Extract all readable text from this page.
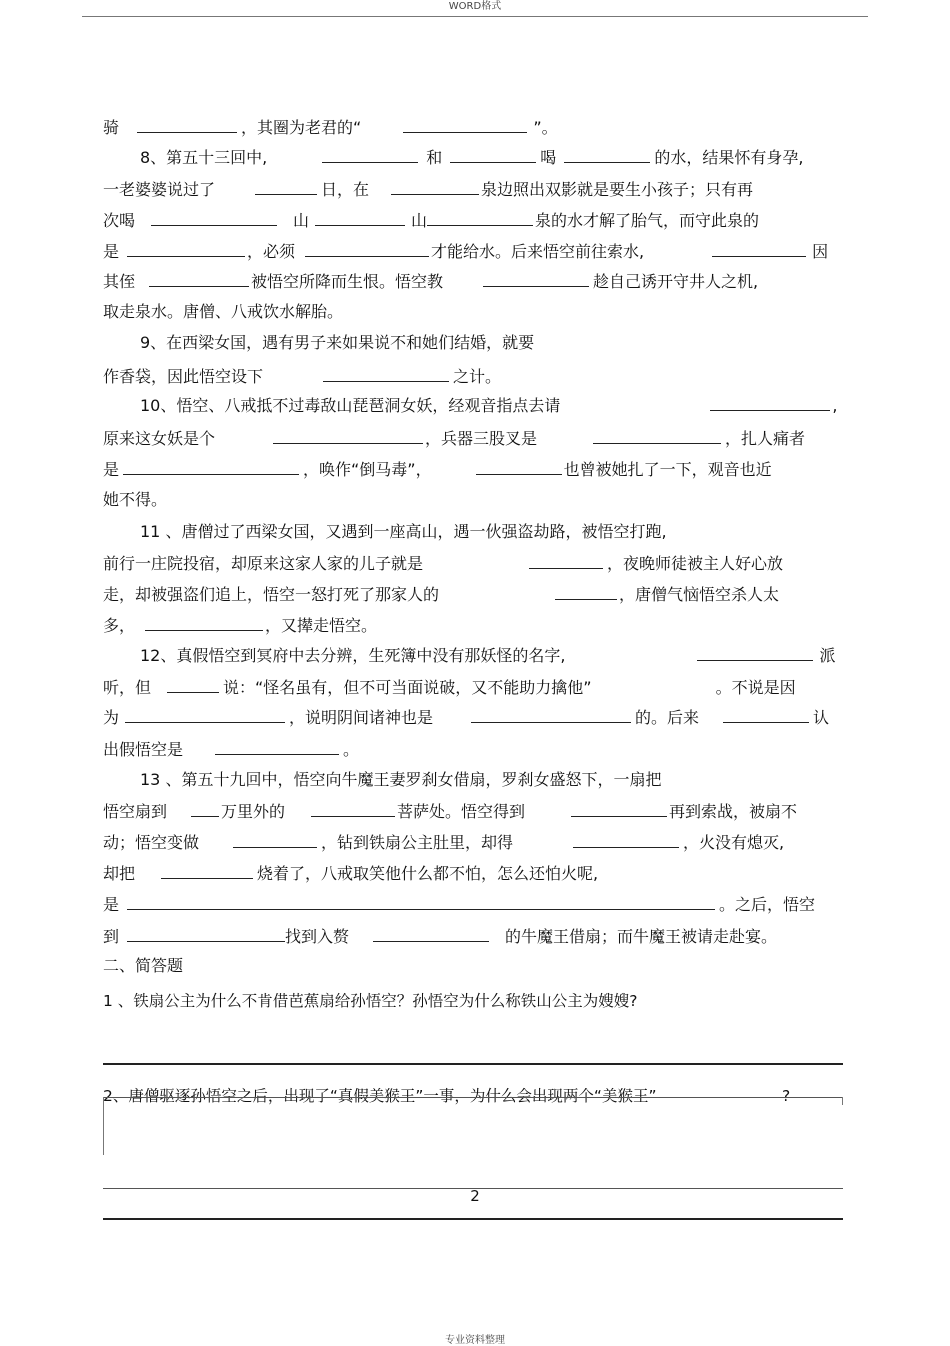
WORD格式
骑	，其圈为老君的“	”。
8、第五十三回中,	和	喝	的水，结果怀有身孕,
一老婆婆说过了	日，在	泉边照出双影就是要生小孩子；只有再
次喝	山	山	泉的水才解了胎气，而守此泉的
是	，必须	才能给水。后来悟空前往索水,	因
其侄	被悟空所降而生恨。悟空教	趁自己诱开守井人之机,
取走泉水。唐僧、八戒饮水解胎。
9、在西梁女国，遇有男子来如果说不和她们结婚，就要
作香袋，因此悟空设下	之计。
10、悟空、八戒抵不过毒敌山琵琶洞女妖，经观音指点去请	,
原来这女妖是个	，兵器三股叉是	，扎人痛者
是	，唤作“倒马毒”，	也曾被她扎了一下，观音也近
她不得。
11 、唐僧过了西梁女国，又遇到一座高山，遇一伙强盗劫路，被悟空打跑,
前行一庄院投宿，却原来这家人家的儿子就是	，夜晚师徒被主人好心放
走，却被强盗们追上，悟空一怒打死了那家人的	，唐僧气恼悟空杀人太
多，	，又撵走悟空。
12、真假悟空到冥府中去分辨，生死簿中没有那妖怪的名字,	派
听，但	说：“怪名虽有，但不可当面说破，又不能助力擒他”	。不说是因
为	，说明阴间诸神也是	的。后来	认
出假悟空是	。
13 、第五十九回中，悟空向牛魔王妻罗刹女借扇，罗刹女盛怒下，一扇把
悟空扇到	万里外的	菩萨处。悟空得到	再到索战，被扇不
动；悟空变做	，钻到铁扇公主肚里，却得	，火没有熄灭,
却把	烧着了，八戒取笑他什么都不怕，怎么还怕火呢,
是	。之后，悟空
到	找到入赘	的牛魔王借扇；而牛魔王被请走赴宴。
二、简答题
1 、铁扇公主为什么不肯借芭蕉扇给孙悟空？孙悟空为什么称铁山公主为嫂嫂?
2、唐僧驱逐孙悟空之后，出现了“真假美猴王”一事，为什么会出现两个“美猴王”	?
2
专业资料整理
